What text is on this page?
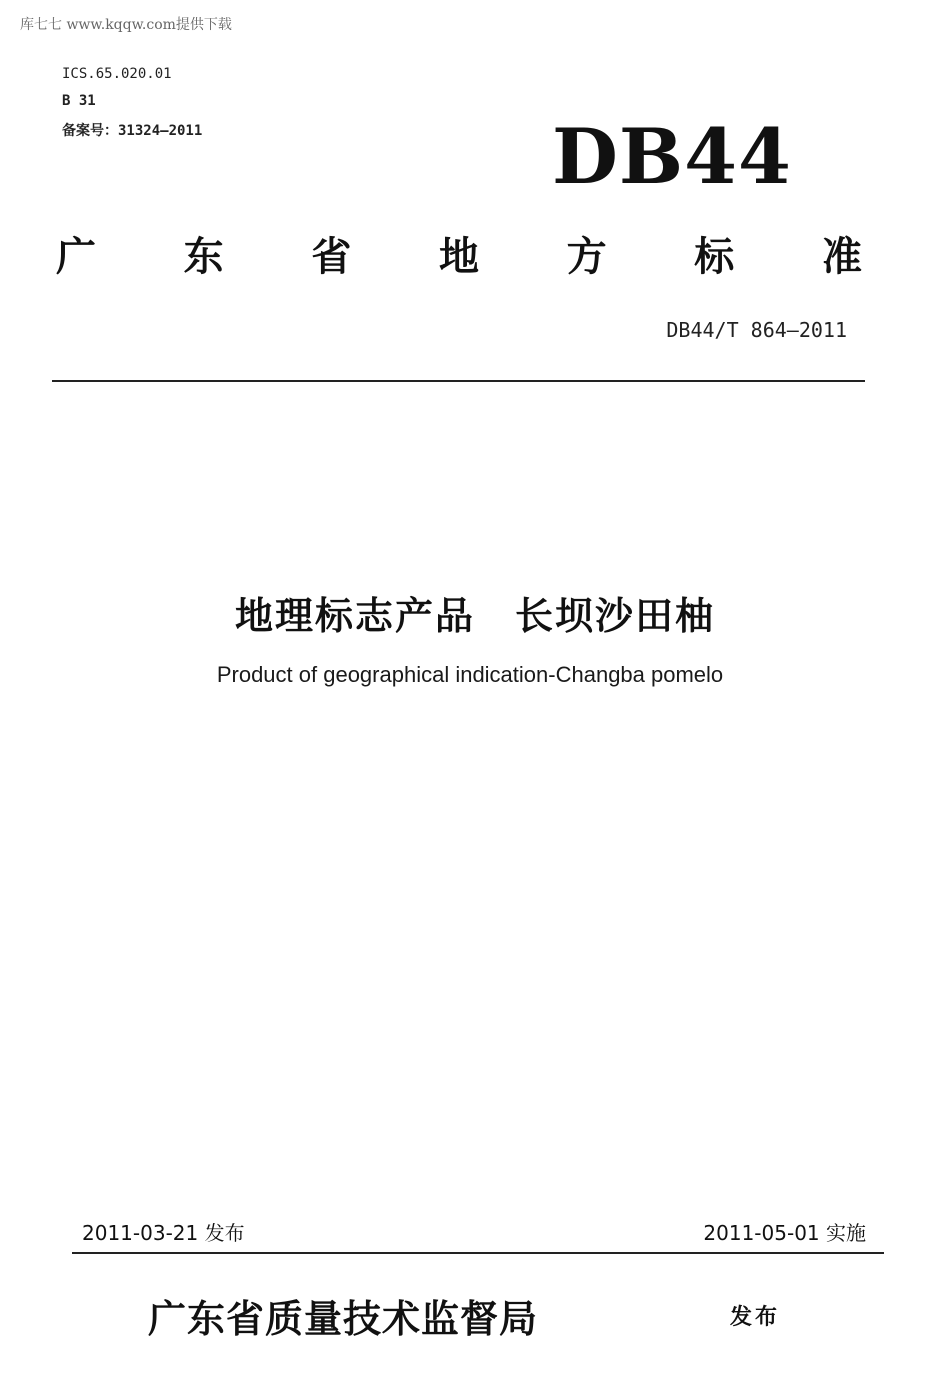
库七七 www.kqqw.com提供下载
ICS.65.020.01
B 31
备案号：31324—2011	DB44
广 东 省 地 方 标 准
DB44/T 864—2011
地理标志产品 长坝沙田柚
Product of geographical indication-Changba pomelo
2011-03-21 发布	2011-05-01 实施
广东省质量技术监督局	发布
